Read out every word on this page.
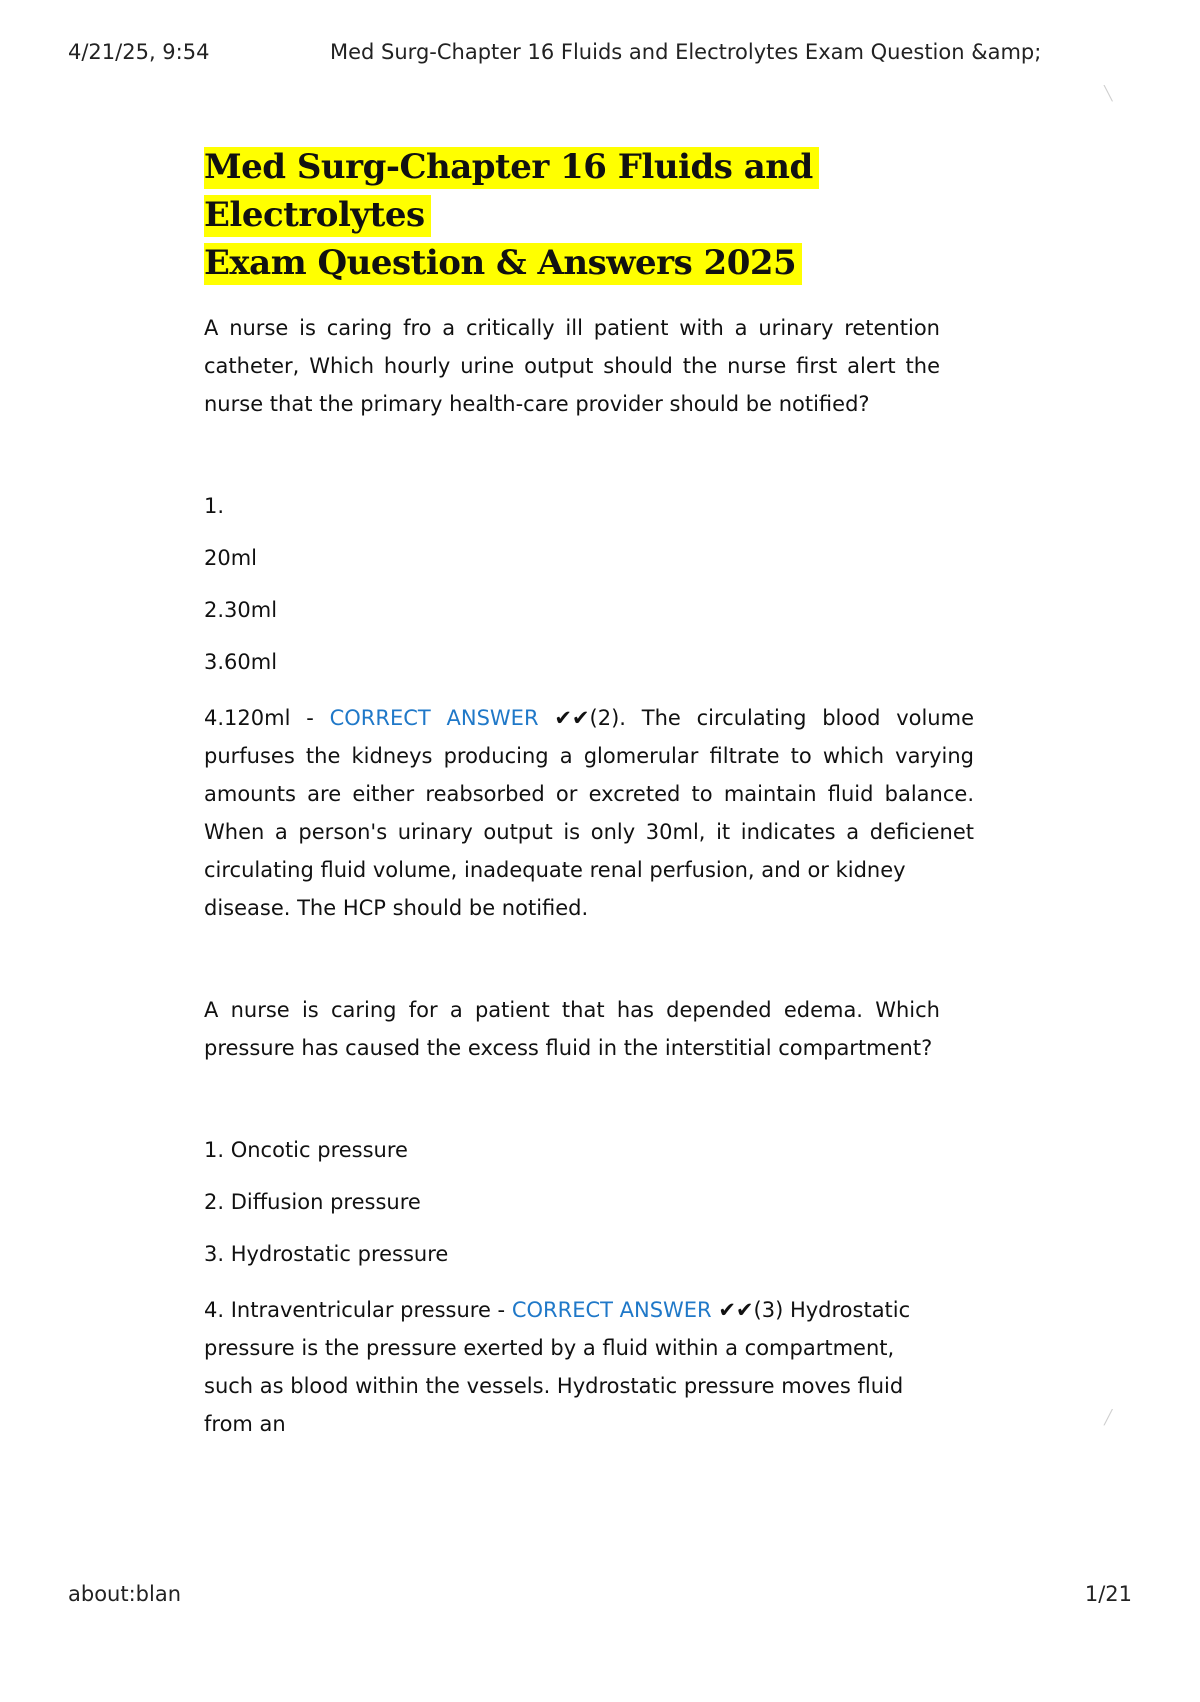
4/21/25, 9:54	Med Surg-Chapter 16 Fluids and Electrolytes Exam Question &amp;
╲
╱
Med Surg-Chapter 16 Fluids and Electrolytes
Exam Question & Answers 2025

A nurse is caring fro a critically ill patient with a urinary retention catheter, Which hourly urine output should the nurse first alert the nurse that the primary health-care provider should be notified?

1.

20ml

2.30ml

3.60ml

4.120ml - CORRECT ANSWER ✔✔(2). The circulating blood volume purfuses the kidneys producing a glomerular filtrate to which varying amounts are either reabsorbed or excreted to maintain fluid balance. When a person's urinary output is only 30ml, it indicates a deficienet circulating fluid volume, inadequate renal perfusion, and or kidney

disease. The HCP should be notified.

A nurse is caring for a patient that has depended edema. Which pressure has caused the excess fluid in the interstitial compartment?

1. Oncotic pressure

2. Diffusion pressure

3. Hydrostatic pressure

4. Intraventricular pressure - CORRECT ANSWER ✔✔(3) Hydrostatic

pressure is the pressure exerted by a fluid within a compartment,

such as blood within the vessels. Hydrostatic pressure moves fluid

from an

about:blan	1/21
